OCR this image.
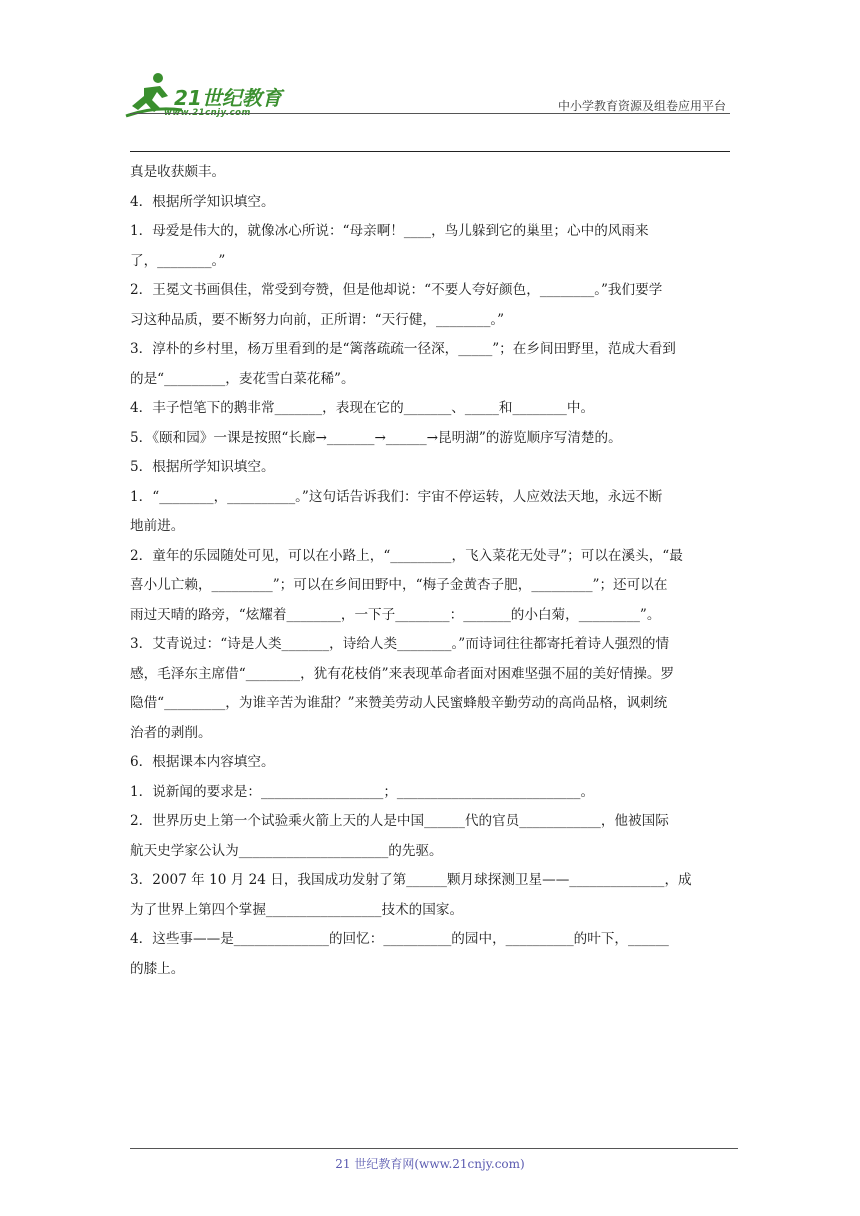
21世纪教育
www.21cnjy.com	中小学教育资源及组卷应用平台

真是收获颇丰。

4．根据所学知识填空。

1．母爱是伟大的，就像冰心所说：“母亲啊！____，鸟儿躲到它的巢里；心中的风雨来

了，________。”

2．王冕文书画俱佳，常受到夸赞，但是他却说：“不要人夸好颜色，________。”我们要学

习这种品质，要不断努力向前，正所谓：“天行健，________。”

3．淳朴的乡村里，杨万里看到的是“篱落疏疏一径深，_____”；在乡间田野里，范成大看到

的是“_________，麦花雪白菜花稀”。

4．丰子恺笔下的鹅非常_______，表现在它的_______、_____和________中。

5．《颐和园》一课是按照“长廊→_______→______→昆明湖”的游览顺序写清楚的。

5．根据所学知识填空。

1．“________，__________。”这句话告诉我们：宇宙不停运转，人应效法天地，永远不断

地前进。

2．童年的乐园随处可见，可以在小路上，“_________，飞入菜花无处寻”；可以在溪头，“最

喜小儿亡赖，_________”；可以在乡间田野中，“梅子金黄杏子肥，_________”；还可以在

雨过天晴的路旁，“炫耀着________，一下子________：_______的小白菊，_________”。

3．艾青说过：“诗是人类_______，诗给人类________。”而诗词往往都寄托着诗人强烈的情

感，毛泽东主席借“________，犹有花枝俏”来表现革命者面对困难坚强不屈的美好情操。罗

隐借“_________，为谁辛苦为谁甜？”来赞美劳动人民蜜蜂般辛勤劳动的高尚品格，讽刺统

治者的剥削。

6．根据课本内容填空。

1．说新闻的要求是：__________________；___________________________。

2．世界历史上第一个试验乘火箭上天的人是中国______代的官员____________，他被国际

航天史学家公认为______________________的先驱。

3．2007 年 10 月 24 日，我国成功发射了第______颗月球探测卫星——______________，成

为了世界上第四个掌握_________________技术的国家。

4．这些事——是______________的回忆：__________的园中，__________的叶下，______

的膝上。

21 世纪教育网(www.21cnjy.com)
